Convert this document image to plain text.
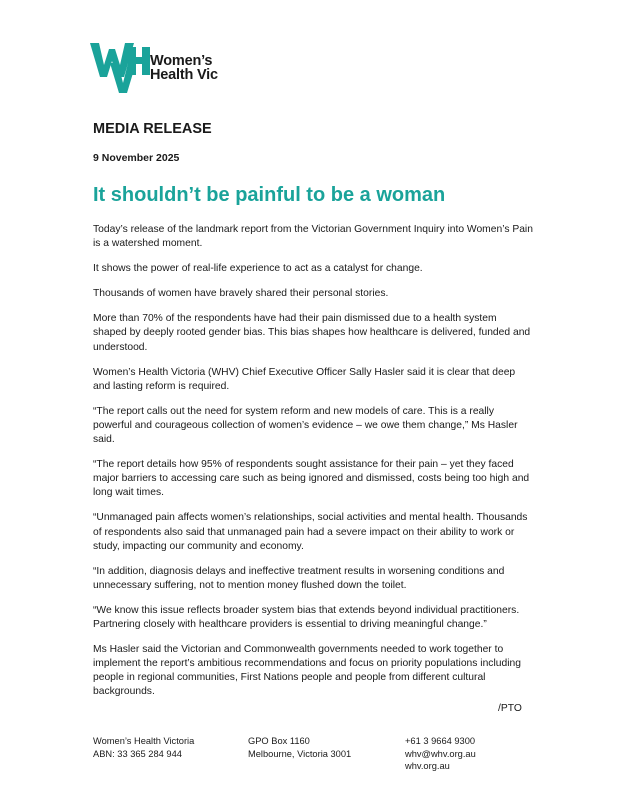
Women’s
Health Vic
MEDIA RELEASE
9 November 2025
It shouldn’t be painful to be a woman

Today’s release of the landmark report from the Victorian Government Inquiry into Women’s Pain is a watershed moment.

It shows the power of real-life experience to act as a catalyst for change.

Thousands of women have bravely shared their personal stories.

More than 70% of the respondents have had their pain dismissed due to a health system shaped by deeply rooted gender bias. This bias shapes how healthcare is delivered, funded and understood.

Women’s Health Victoria (WHV) Chief Executive Officer Sally Hasler said it is clear that deep and lasting reform is required.

“The report calls out the need for system reform and new models of care. This is a really powerful and courageous collection of women’s evidence – we owe them change,” Ms Hasler said.

“The report details how 95% of respondents sought assistance for their pain – yet they faced major barriers to accessing care such as being ignored and dismissed, costs being too high and long wait times.

“Unmanaged pain affects women’s relationships, social activities and mental health. Thousands of respondents also said that unmanaged pain had a severe impact on their ability to work or study, impacting our community and economy.

“In addition, diagnosis delays and ineffective treatment results in worsening conditions and unnecessary suffering, not to mention money flushed down the toilet.

“We know this issue reflects broader system bias that extends beyond individual practitioners. Partnering closely with healthcare providers is essential to driving meaningful change.”

Ms Hasler said the Victorian and Commonwealth governments needed to work together to implement the report’s ambitious recommendations and focus on priority populations including people in regional communities, First Nations people and people from different cultural backgrounds.

/PTO
Women’s Health Victoria
ABN: 33 365 284 944
GPO Box 1160
Melbourne, Victoria 3001
+61 3 9664 9300
whv@whv.org.au
whv.org.au
